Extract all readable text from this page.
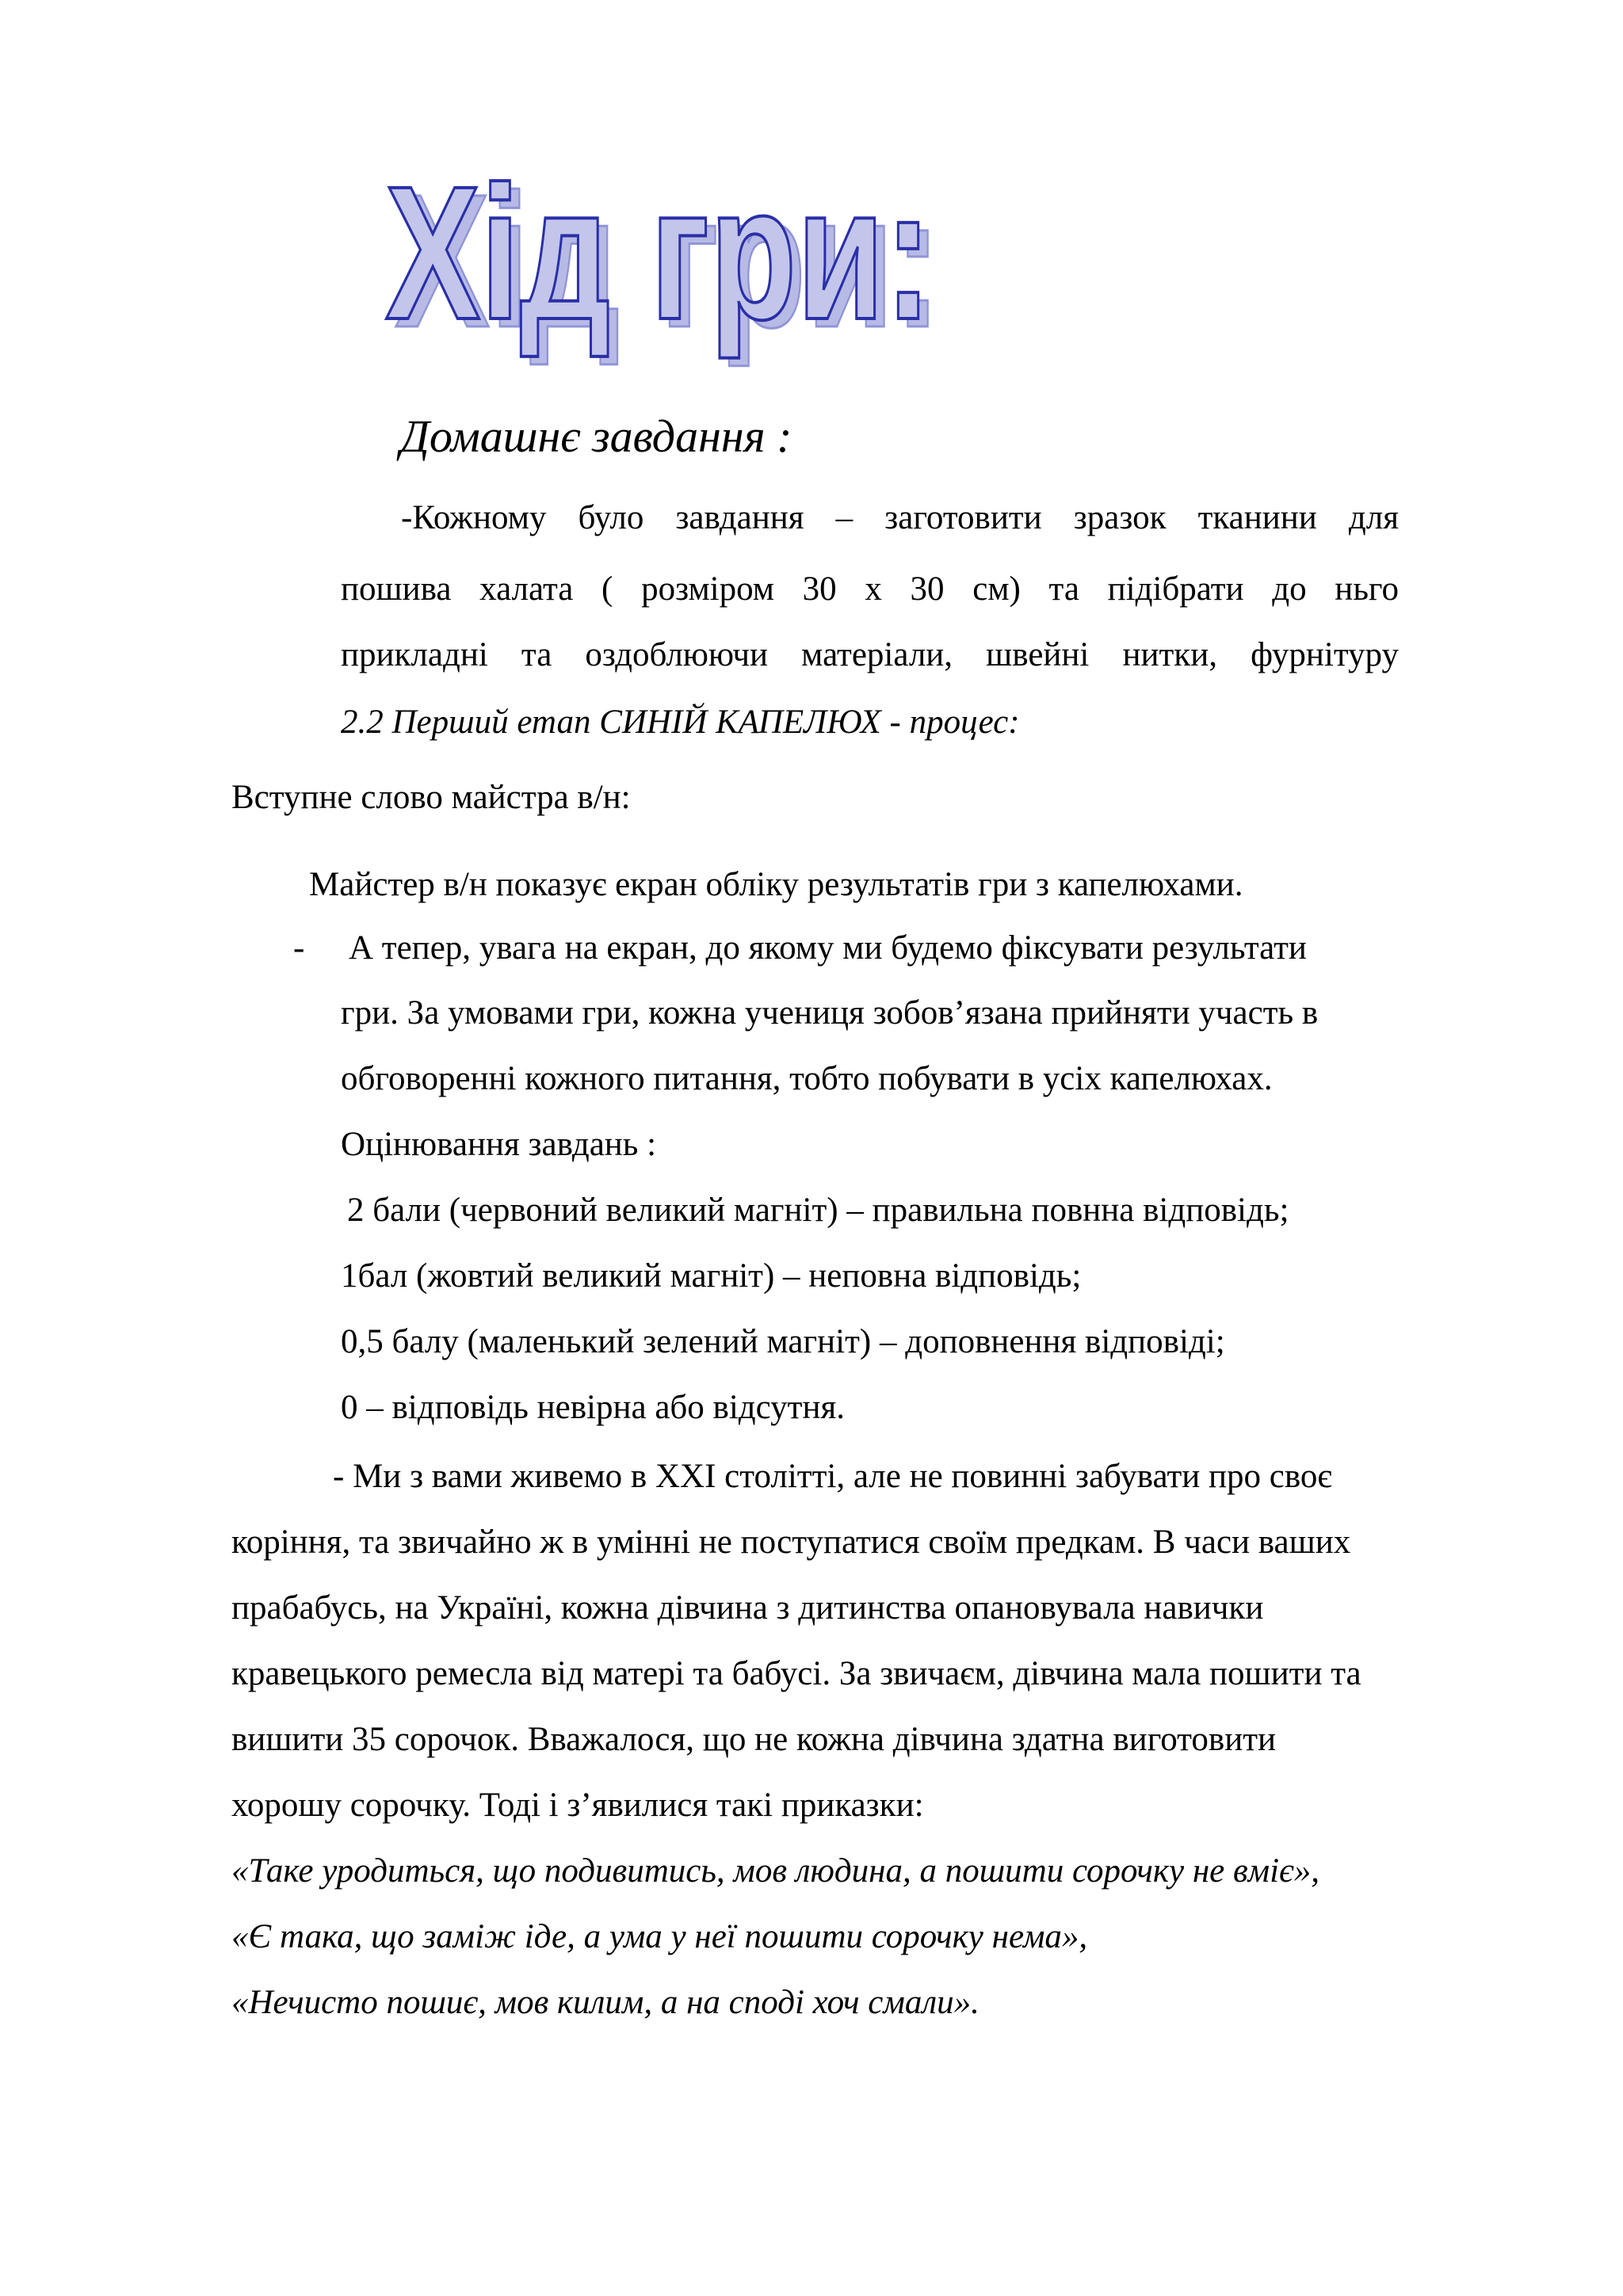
Хід гри:
Хід гри:
Домашнє завдання :
-Кожному було завдання – заготовити зразок тканини для
пошива халата ( розміром 30 х 30 см) та підібрати до ньго
прикладні та оздоблюючи матеріали, швейні нитки, фурнітуру
2.2 Перший етап СИНІЙ КАПЕЛЮХ - процес:
Вступне слово майстра в/н:
Майстер в/н показує екран обліку результатів гри з капелюхами.
- А тепер, увага на екран, до якому ми будемо фіксувати результати
гри. За умовами гри, кожна учениця зобов’язана прийняти участь в
обговоренні кожного питання, тобто побувати в усіх капелюхах.
Оцінювання завдань :
2 бали (червоний великий магніт) – правильна повнна відповідь;
1бал (жовтий великий магніт) – неповна відповідь;
0,5 балу (маленький зелений магніт) – доповнення відповіді;
0 – відповідь невірна або відсутня.
- Ми з вами живемо в ХХІ столітті, але не повинні забувати про своє
коріння, та звичайно ж в умінні не поступатися своїм предкам. В часи ваших
прабабусь, на Україні, кожна дівчина з дитинства опановувала навички
кравецького ремесла від матері та бабусі. За звичаєм, дівчина мала пошити та
вишити 35 сорочок. Вважалося, що не кожна дівчина здатна виготовити
хорошу сорочку. Тоді і з’явилися такі приказки:
«Таке уродиться, що подивитись, мов людина, а пошити сорочку не вміє»,
«Є така, що заміж іде, а ума у неї пошити сорочку нема»,
«Нечисто пошиє, мов килим, а на споді хоч смали».
